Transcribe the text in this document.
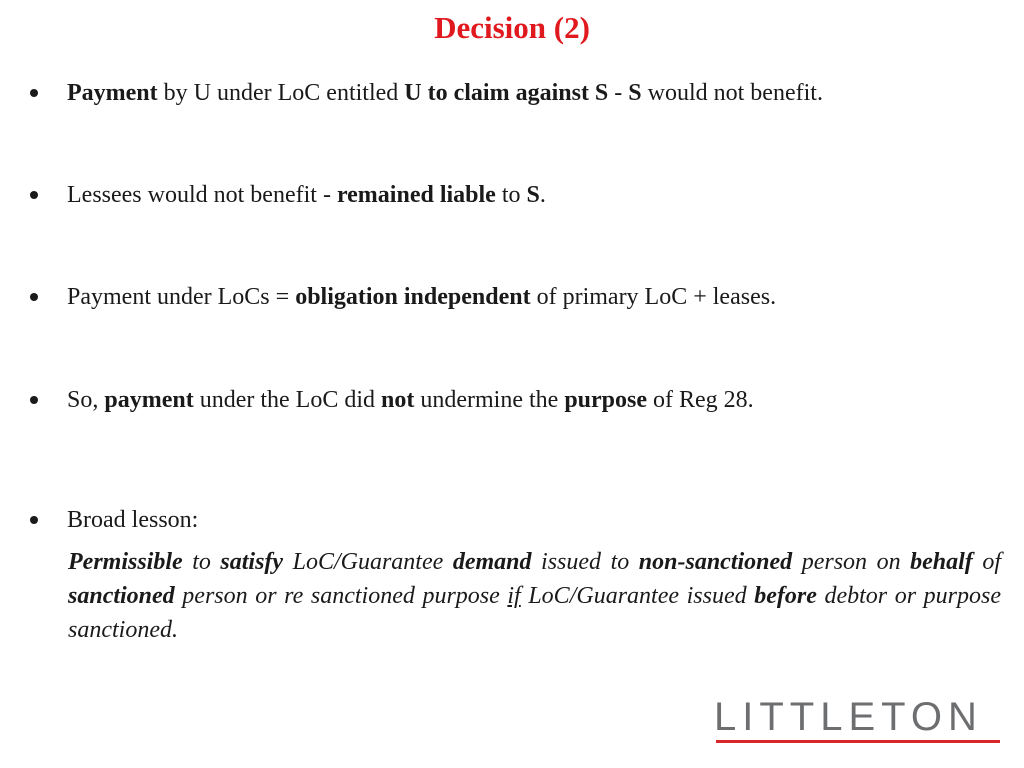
Decision (2)
Payment by U under LoC entitled U to claim against S - S would not benefit.
Lessees would not benefit - remained liable to S.
Payment under LoCs = obligation independent of primary LoC + leases.
So, payment under the LoC did not undermine the purpose of Reg 28.
Broad lesson:
Permissible to satisfy LoC/Guarantee demand issued to non-sanctioned person on behalf of sanctioned person or re sanctioned purpose if LoC/Guarantee issued before debtor or purpose sanctioned.
LITTLETON
